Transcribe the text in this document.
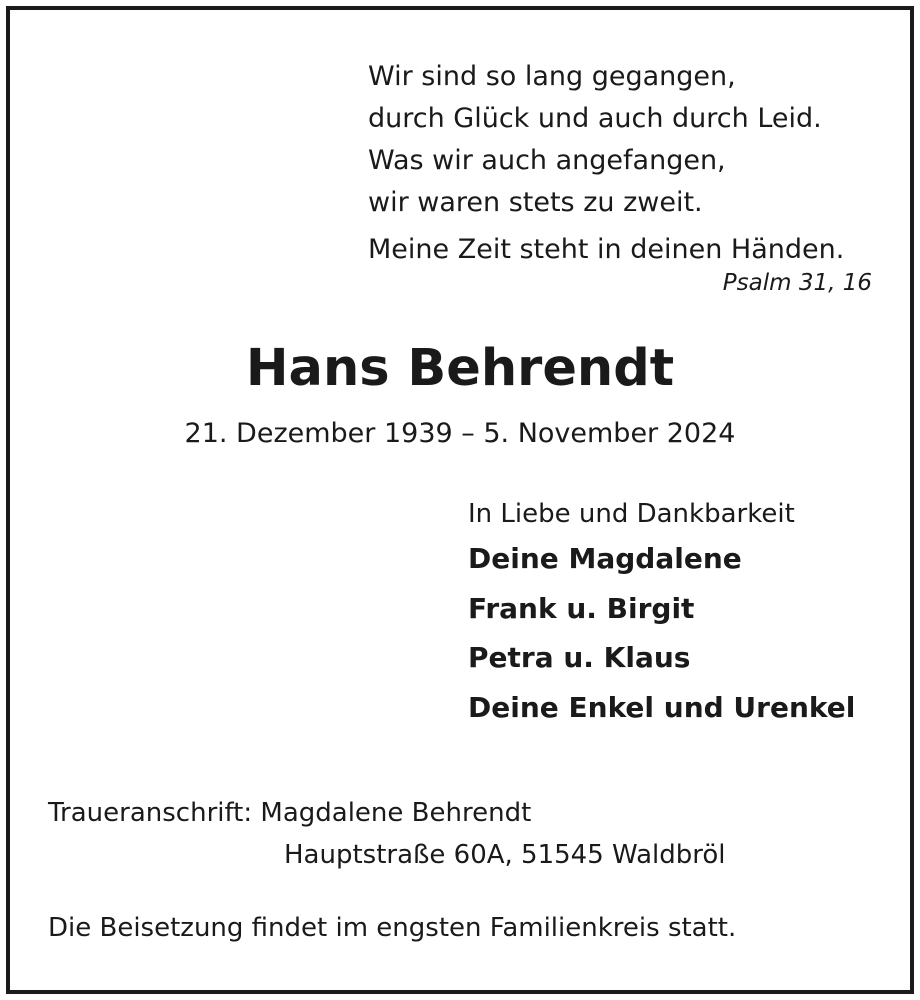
Wir sind so lang gegangen,
durch Glück und auch durch Leid.
Was wir auch angefangen,
wir waren stets zu zweit.
Meine Zeit steht in deinen Händen.
Psalm 31, 16
Hans Behrendt
21. Dezember 1939 – 5. November 2024
In Liebe und Dankbarkeit
Deine Magdalene
Frank u. Birgit
Petra u. Klaus
Deine Enkel und Urenkel
Traueranschrift: Magdalene Behrendt
Hauptstraße 60A, 51545 Waldbröl
Die Beisetzung findet im engsten Familienkreis statt.
